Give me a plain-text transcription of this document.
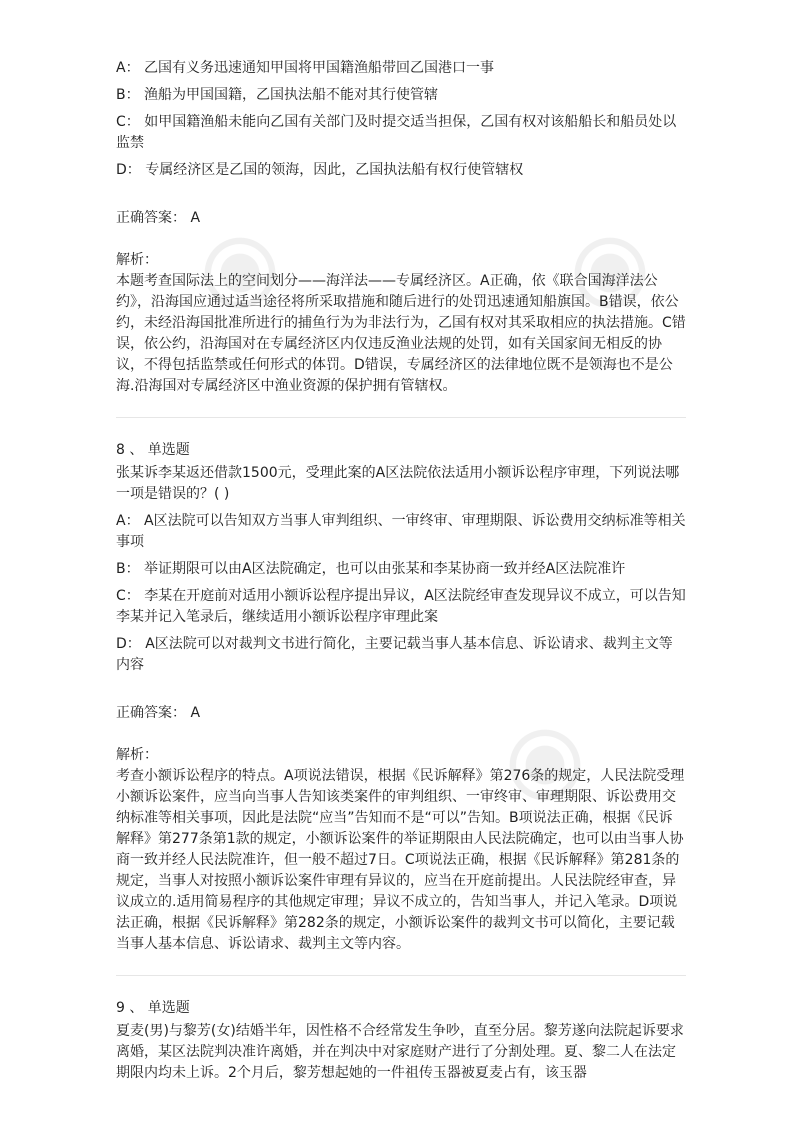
A： 乙国有义务迅速通知甲国将甲国籍渔船带回乙国港口一事
B： 渔船为甲国国籍，乙国执法船不能对其行使管辖
C： 如甲国籍渔船未能向乙国有关部门及时提交适当担保，乙国有权对该船船长和船员处以监禁
D： 专属经济区是乙国的领海，因此，乙国执法船有权行使管辖权
正确答案： A
解析：
本题考查国际法上的空间划分——海洋法——专属经济区。A正确，依《联合国海洋法公约》，沿海国应通过适当途径将所采取措施和随后进行的处罚迅速通知船旗国。B错误，依公约，未经沿海国批准所进行的捕鱼行为为非法行为，乙国有权对其采取相应的执法措施。C错误，依公约，沿海国对在专属经济区内仅违反渔业法规的处罚，如有关国家间无相反的协议，不得包括监禁或任何形式的体罚。D错误，专属经济区的法律地位既不是领海也不是公海.沿海国对专属经济区中渔业资源的保护拥有管辖权。
8 、 单选题
张某诉李某返还借款1500元，受理此案的A区法院依法适用小额诉讼程序审理，下列说法哪一项是错误的？( )
A： A区法院可以告知双方当事人审判组织、一审终审、审理期限、诉讼费用交纳标准等相关事项
B： 举证期限可以由A区法院确定，也可以由张某和李某协商一致并经A区法院准许
C： 李某在开庭前对适用小额诉讼程序提出异议，A区法院经审查发现异议不成立，可以告知李某并记入笔录后，继续适用小额诉讼程序审理此案
D： A区法院可以对裁判文书进行简化，主要记载当事人基本信息、诉讼请求、裁判主文等内容
正确答案： A
解析：
考查小额诉讼程序的特点。A项说法错误，根据《民诉解释》第276条的规定，人民法院受理小额诉讼案件，应当向当事人告知该类案件的审判组织、一审终审、审理期限、诉讼费用交纳标准等相关事项，因此是法院“应当”告知而不是“可以”告知。B项说法正确，根据《民诉解释》第277条第1款的规定，小额诉讼案件的举证期限由人民法院确定，也可以由当事人协商一致并经人民法院准许，但一般不超过7日。C项说法正确，根据《民诉解释》第281条的规定，当事人对按照小额诉讼案件审理有异议的，应当在开庭前提出。人民法院经审查，异议成立的.适用简易程序的其他规定审理；异议不成立的，告知当事人，并记入笔录。D项说法正确，根据《民诉解释》第282条的规定，小额诉讼案件的裁判文书可以简化，主要记载当事人基本信息、诉讼请求、裁判主文等内容。
9 、 单选题
夏麦(男)与黎芳(女)结婚半年，因性格不合经常发生争吵，直至分居。黎芳遂向法院起诉要求离婚，某区法院判决准许离婚，并在判决中对家庭财产进行了分割处理。夏、黎二人在法定期限内均未上诉。2个月后，黎芳想起她的一件祖传玉器被夏麦占有，该玉器
